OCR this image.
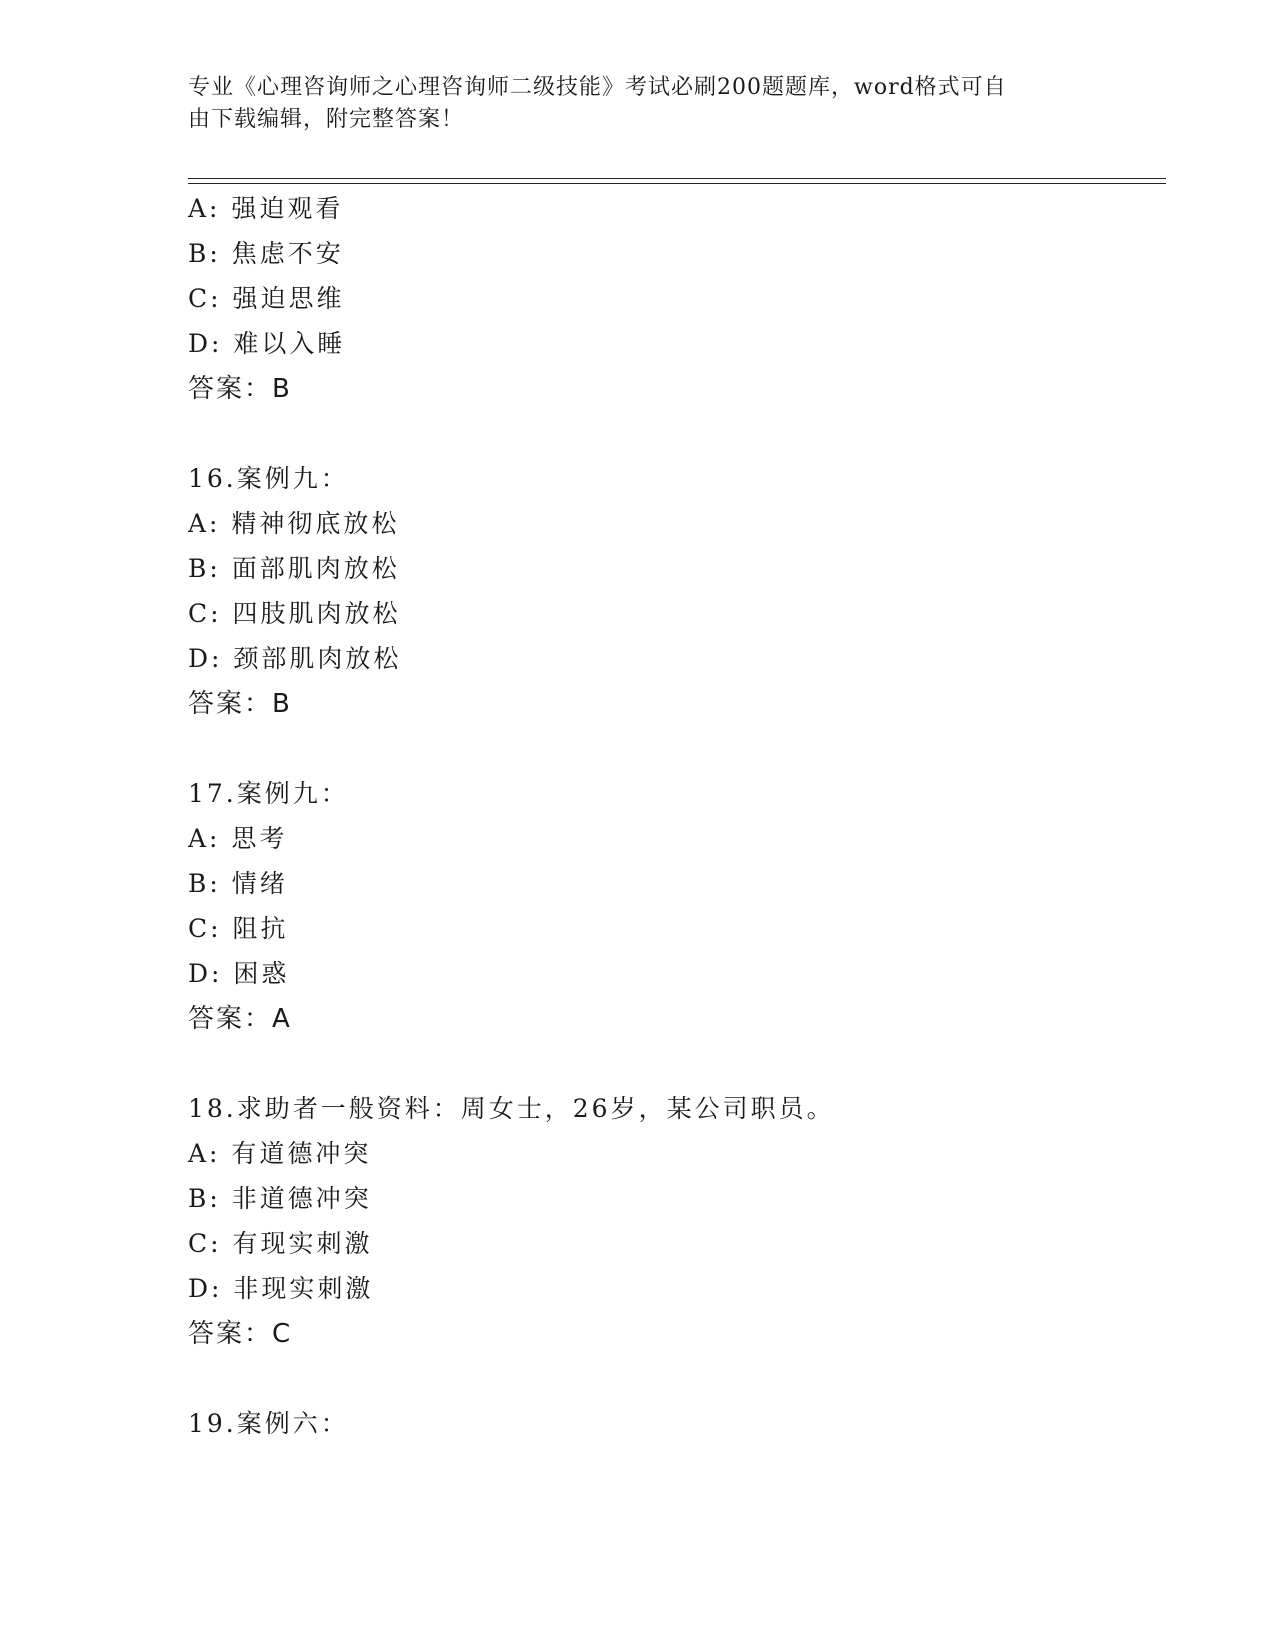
专业《心理咨询师之心理咨询师二级技能》考试必刷200题题库，word格式可自
由下载编辑，附完整答案！
A: 强迫观看
B: 焦虑不安
C: 强迫思维
D: 难以入睡
答案：B
16.案例九：
A: 精神彻底放松
B: 面部肌肉放松
C: 四肢肌肉放松
D: 颈部肌肉放松
答案：B
17.案例九：
A: 思考
B: 情绪
C: 阻抗
D: 困惑
答案：A
18.求助者一般资料：周女士，26岁，某公司职员。
A: 有道德冲突
B: 非道德冲突
C: 有现实刺激
D: 非现实刺激
答案：C
19.案例六：
